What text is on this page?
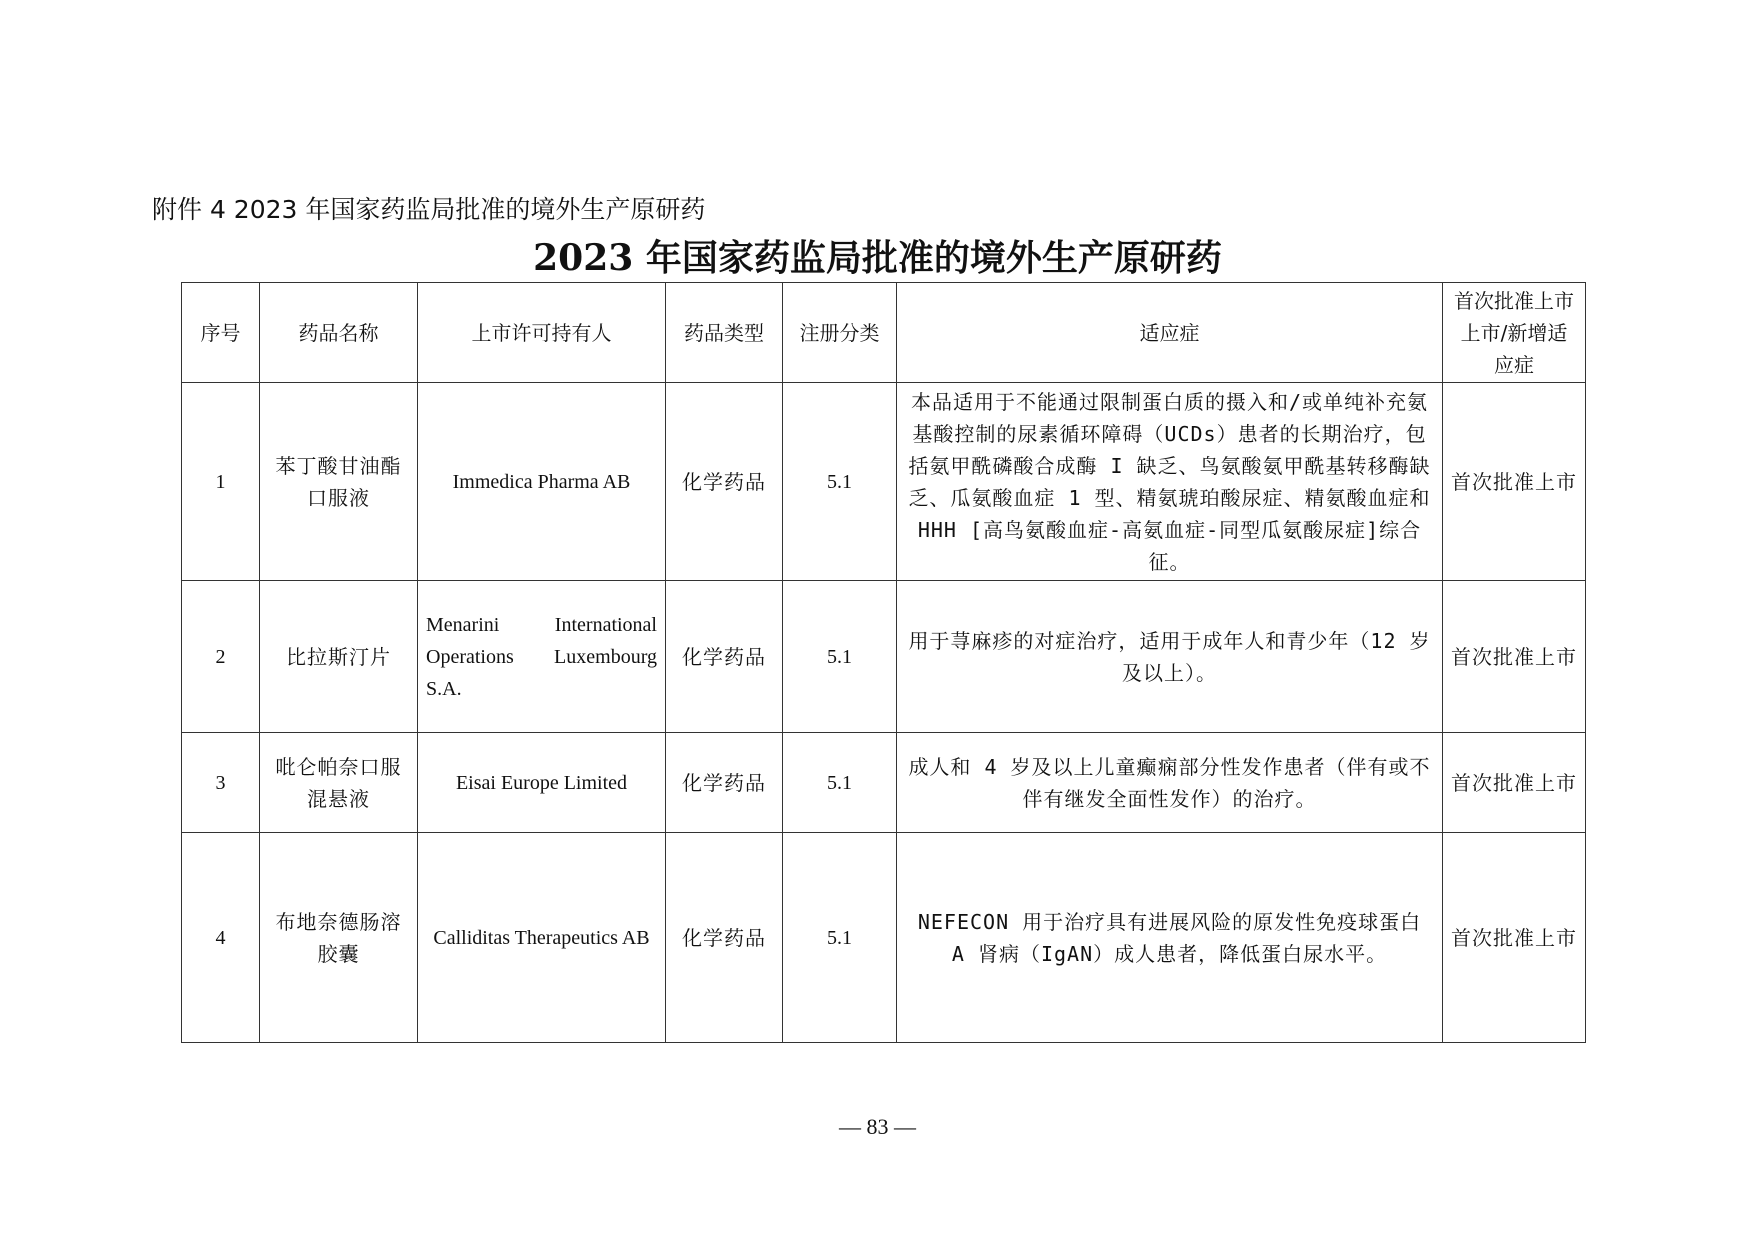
附件 4 2023 年国家药监局批准的境外生产原研药
2023 年国家药监局批准的境外生产原研药
序号	药品名称	上市许可持有人	药品类型	注册分类	适应症	首次批准上市上市/新增适应症
1	苯丁酸甘油酯口服液	Immedica Pharma AB	化学药品	5.1	本品适用于不能通过限制蛋白质的摄入和/或单纯补充氨基酸控制的尿素循环障碍（UCDs）患者的长期治疗，包括氨甲酰磷酸合成酶 I 缺乏、鸟氨酸氨甲酰基转移酶缺乏、瓜氨酸血症 1 型、精氨琥珀酸尿症、精氨酸血症和 HHH [高鸟氨酸血症-高氨血症-同型瓜氨酸尿症]综合征。	首次批准上市
2	比拉斯汀片	Menarini International Operations Luxembourg S.A.	化学药品	5.1	用于荨麻疹的对症治疗，适用于成年人和青少年（12 岁及以上）。	首次批准上市
3	吡仑帕奈口服混悬液	Eisai Europe Limited	化学药品	5.1	成人和 4 岁及以上儿童癫痫部分性发作患者（伴有或不伴有继发全面性发作）的治疗。	首次批准上市
4	布地奈德肠溶胶囊	Calliditas Therapeutics AB	化学药品	5.1	NEFECON 用于治疗具有进展风险的原发性免疫球蛋白 A 肾病（IgAN）成人患者，降低蛋白尿水平。	首次批准上市
— 83 —
